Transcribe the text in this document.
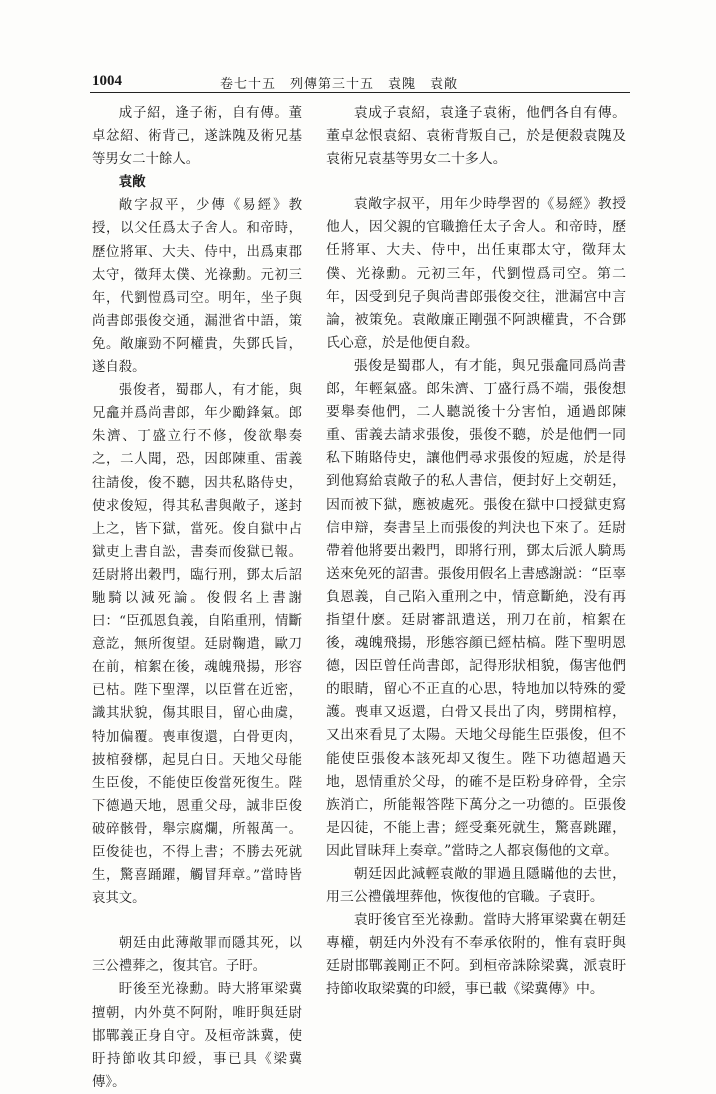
1004	卷七十五　列傳第三十五　袁隗　袁敞

成子紹，逢子術，自有傳。董卓忿紹、術背己，遂誅隗及術兄基等男女二十餘人。

袁敞

敞字叔平，少傳《易經》教授，以父任爲太子舍人。和帝時，歷位將軍、大夫、侍中，出爲東郡太守，徵拜太僕、光祿勳。元初三年，代劉愷爲司空。明年，坐子與尚書郎張俊交通，漏泄省中語，策免。敞廉勁不阿權貴，失鄧氏旨，遂自殺。

張俊者，蜀郡人，有才能，與兄龕并爲尚書郎，年少勵鋒氣。郎朱濟、丁盛立行不修，俊欲舉奏之，二人聞，恐，因郎陳重、雷義往請俊，俊不聽，因共私賂侍史，使求俊短，得其私書與敞子，遂封上之，皆下獄，當死。俊自獄中占獄吏上書自訟，書奏而俊獄已報。廷尉將出穀門，臨行刑，鄧太后詔馳騎以減死論。俊假名上書謝曰：“臣孤恩負義，自陷重刑，情斷意訖，無所復望。廷尉鞠遣，歐刀在前，棺絮在後，魂魄飛揚，形容已枯。陛下聖澤，以臣嘗在近密，識其狀貌，傷其眼目，留心曲虞，特加偏覆。喪車復還，白骨更肉，披棺發槨，起見白日。天地父母能生臣俊，不能使臣俊當死復生。陛下德過天地，恩重父母，誠非臣俊破碎骸骨，舉宗腐爛，所報萬一。臣俊徒也，不得上書；不勝去死就生，驚喜踊躍，觸冒拜章。”當時皆哀其文。

朝廷由此薄敞罪而隱其死，以三公禮葬之，復其官。子盱。

盱後至光祿勳。時大將軍梁冀擅朝，内外莫不阿附，唯盱與廷尉邯鄲義正身自守。及桓帝誅冀，使盱持節收其印綬，事已具《梁冀傳》。

袁成子袁紹，袁逢子袁術，他們各自有傳。董卓忿恨袁紹、袁術背叛自己，於是便殺袁隗及袁術兄袁基等男女二十多人。

袁敞字叔平，用年少時學習的《易經》教授他人，因父親的官職擔任太子舍人。和帝時，歷任將軍、大夫、侍中，出任東郡太守，徵拜太僕、光祿勳。元初三年，代劉愷爲司空。第二年，因受到兒子與尚書郎張俊交往，泄漏宫中言論，被策免。袁敞廉正剛强不阿諛權貴，不合鄧氏心意，於是他便自殺。

張俊是蜀郡人，有才能，與兄張龕同爲尚書郎，年輕氣盛。郎朱濟、丁盛行爲不端，張俊想要舉奏他們，二人聽説後十分害怕，通過郎陳重、雷義去請求張俊，張俊不聽，於是他們一同私下賄賂侍史，讓他們尋求張俊的短處，於是得到他寫給袁敞子的私人書信，便封好上交朝廷，因而被下獄，應被處死。張俊在獄中口授獄吏寫信申辯，奏書呈上而張俊的判決也下來了。廷尉帶着他將要出穀門，即將行刑，鄧太后派人騎馬送來免死的詔書。張俊用假名上書感謝説：“臣辜負恩義，自己陷入重刑之中，情意斷絶，没有再指望什麽。廷尉審訊遣送，刑刀在前，棺絮在後，魂魄飛揚，形態容顔已經枯槁。陛下聖明恩德，因臣曾任尚書郎，記得形狀相貌，傷害他們的眼睛，留心不正直的心思，特地加以特殊的愛護。喪車又返還，白骨又長出了肉，劈開棺椁，又出來看見了太陽。天地父母能生臣張俊，但不能使臣張俊本該死却又復生。陛下功德超過天地，恩情重於父母，的確不是臣粉身碎骨，全宗族消亡，所能報答陛下萬分之一功德的。臣張俊是囚徒，不能上書；經受棄死就生，驚喜跳躍，因此冒昧拜上奏章。”當時之人都哀傷他的文章。

朝廷因此減輕袁敞的罪過且隱瞞他的去世，用三公禮儀埋葬他，恢復他的官職。子袁盱。

袁盱後官至光祿勳。當時大將軍梁冀在朝廷專權，朝廷内外没有不奉承依附的，惟有袁盱與廷尉邯鄲義剛正不阿。到桓帝誅除梁冀，派袁盱持節收取梁冀的印綬，事已載《梁冀傳》中。
